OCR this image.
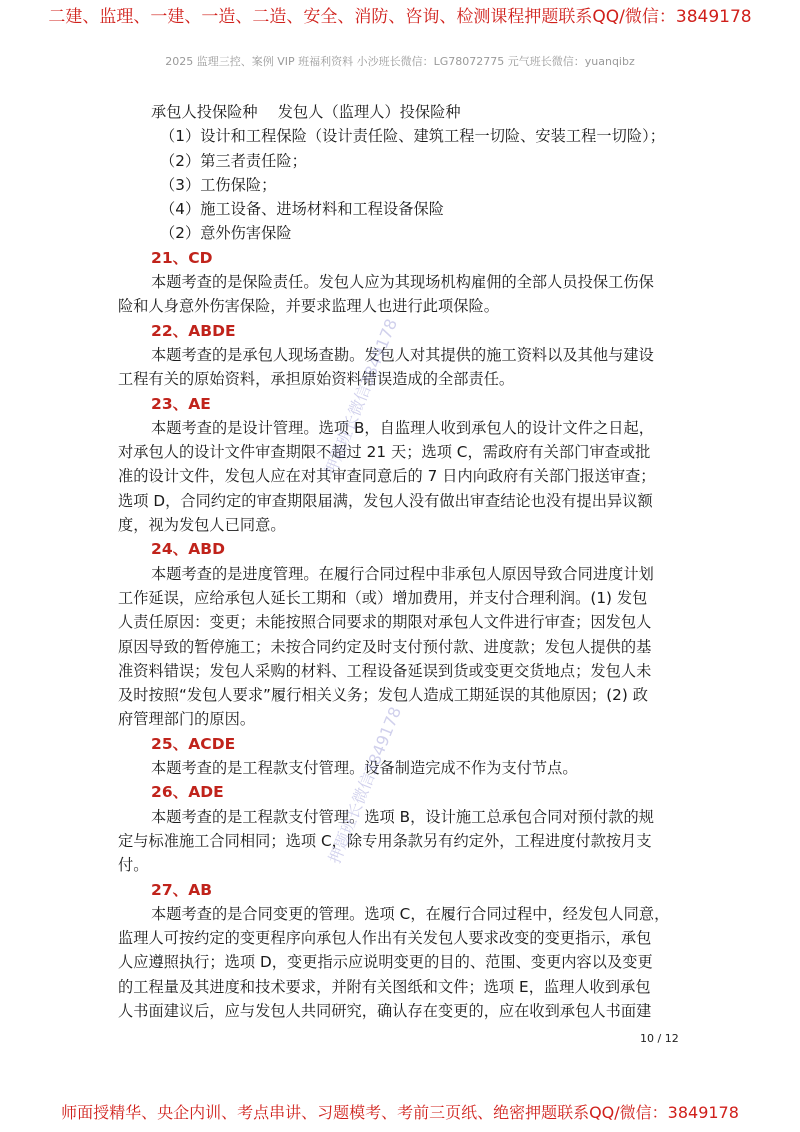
二建、监理、一建、一造、二造、安全、消防、咨询、检测课程押题联系QQ/微信：3849178
2025 监理三控、案例 VIP 班福利资料 小沙班长微信：LG78072775 元气班长微信：yuanqibz
承包人投保险种　 发包人（监理人）投保险种
（1）设计和工程保险（设计责任险、建筑工程一切险、安装工程一切险）；
（2）第三者责任险；
（3）工伤保险；
（4）施工设备、进场材料和工程设备保险
（2）意外伤害保险
21、CD
本题考查的是保险责任。发包人应为其现场机构雇佣的全部人员投保工伤保
险和人身意外伤害保险，并要求监理人也进行此项保险。
22、ABDE
本题考查的是承包人现场查勘。发包人对其提供的施工资料以及其他与建设
工程有关的原始资料，承担原始资料错误造成的全部责任。
23、AE
本题考查的是设计管理。选项 B，自监理人收到承包人的设计文件之日起，
对承包人的设计文件审查期限不超过 21 天；选项 C，需政府有关部门审查或批
准的设计文件，发包人应在对其审查同意后的 7 日内向政府有关部门报送审查；
选项 D，合同约定的审查期限届满，发包人没有做出审查结论也没有提出异议额
度，视为发包人已同意。
24、ABD
本题考查的是进度管理。在履行合同过程中非承包人原因导致合同进度计划
工作延误，应给承包人延长工期和（或）增加费用，并支付合理利润。(1) 发包
人责任原因：变更；未能按照合同要求的期限对承包人文件进行审查；因发包人
原因导致的暂停施工；未按合同约定及时支付预付款、进度款；发包人提供的基
准资料错误；发包人采购的材料、工程设备延误到货或变更交货地点；发包人未
及时按照“发包人要求”履行相关义务；发包人造成工期延误的其他原因；(2) 政
府管理部门的原因。
25、ACDE
本题考查的是工程款支付管理。设备制造完成不作为支付节点。
26、ADE
本题考查的是工程款支付管理。选项 B，设计施工总承包合同对预付款的规
定与标准施工合同相同；选项 C，除专用条款另有约定外，工程进度付款按月支
付。
27、AB
本题考查的是合同变更的管理。选项 C，在履行合同过程中，经发包人同意，
监理人可按约定的变更程序向承包人作出有关发包人要求改变的变更指示，承包
人应遵照执行；选项 D，变更指示应说明变更的目的、范围、变更内容以及变更
的工程量及其进度和技术要求，并附有关图纸和文件；选项 E，监理人收到承包
人书面建议后，应与发包人共同研究，确认存在变更的，应在收到承包人书面建
押题班长微信3849178
押题班长微信3849178
10 / 12
师面授精华、央企内训、考点串讲、习题模考、考前三页纸、绝密押题联系QQ/微信：3849178
